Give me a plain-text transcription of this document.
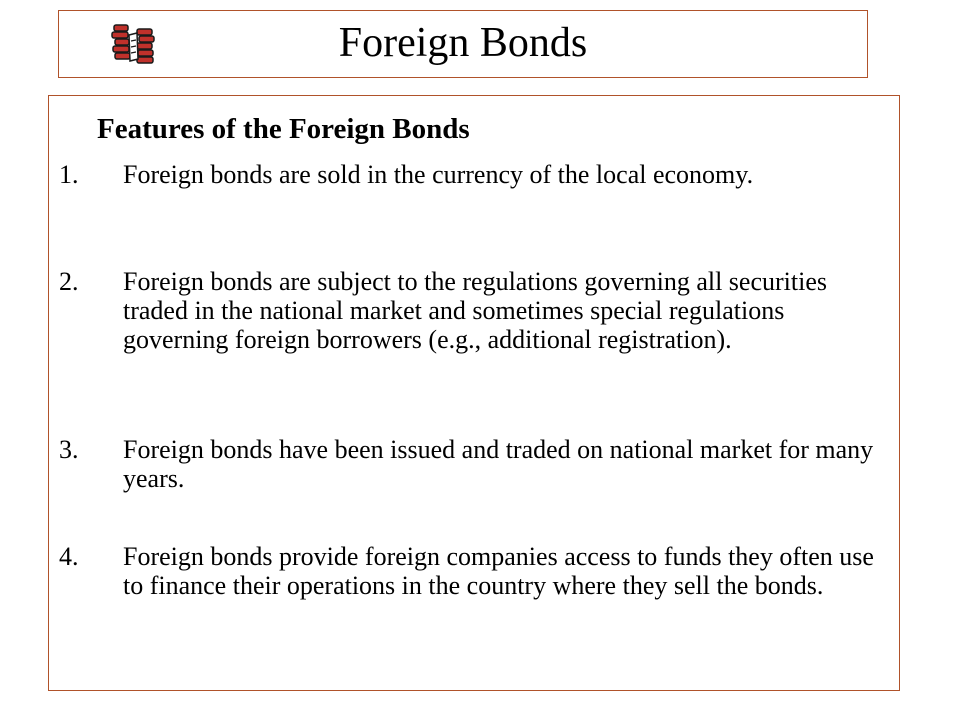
Foreign Bonds
Features of the Foreign Bonds
1. Foreign bonds are sold in the currency of the local economy.
2. Foreign bonds are subject to the regulations governing all securities traded in the national market and sometimes special regulations governing foreign borrowers (e.g., additional registration).
3. Foreign bonds have been issued and traded on national market for many years.
4. Foreign bonds provide foreign companies access to funds they often use to finance their operations in the country where they sell the bonds.
